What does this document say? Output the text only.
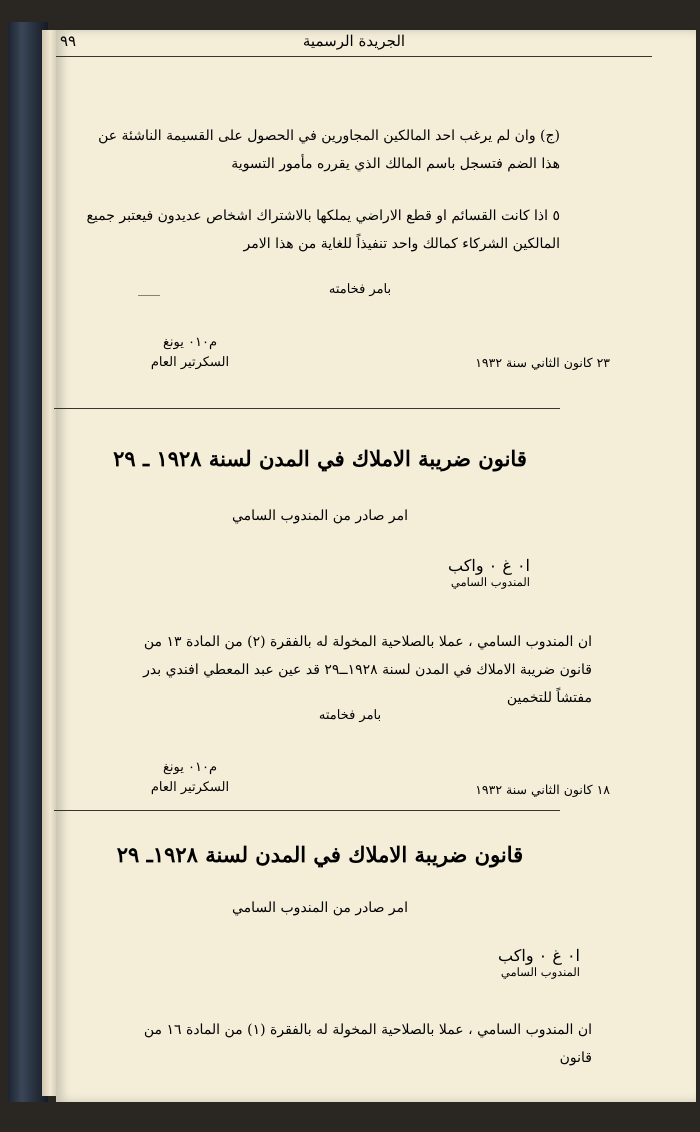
الجريدة الرسمية
٩٩
(ج) وان لم يرغب احد المالكين المجاورين في الحصول على القسيمة الناشئة عن هذا الضم فتسجل باسم المالك الذي يقرره مأمور التسوية
٥ اذا كانت القسائم او قطع الاراضي يملكها بالاشتراك اشخاص عديدون فيعتبر جميع المالكين الشركاء كمالك واحد تنفيذاً للغاية من هذا الامر
بامر فخامته
م٠١٠ يونغ
السكرتير العام	٢٣ كانون الثاني سنة ١٩٣٢
قانون ضريبة الاملاك في المدن لسنة ١٩٢٨ ـ ٢٩
امر صادر من المندوب السامي
ا٠ غ ٠ واكب
المندوب السامي
ان المندوب السامي ، عملا بالصلاحية المخولة له بالفقرة (٢) من المادة ١٣ من قانون ضريبة الاملاك في المدن لسنة ١٩٢٨ــ٢٩ قد عين عبد المعطي افندي بدر مفتشاً للتخمين
بامر فخامته
م٠١٠ يونغ
السكرتير العام	١٨ كانون الثاني سنة ١٩٣٢
قانون ضريبة الاملاك في المدن لسنة ١٩٢٨ـ ٢٩
امر صادر من المندوب السامي
ا٠ غ ٠ واكب
المندوب السامي
ان المندوب السامي ، عملا بالصلاحية المخولة له بالفقرة (١) من المادة ١٦ من قانون
